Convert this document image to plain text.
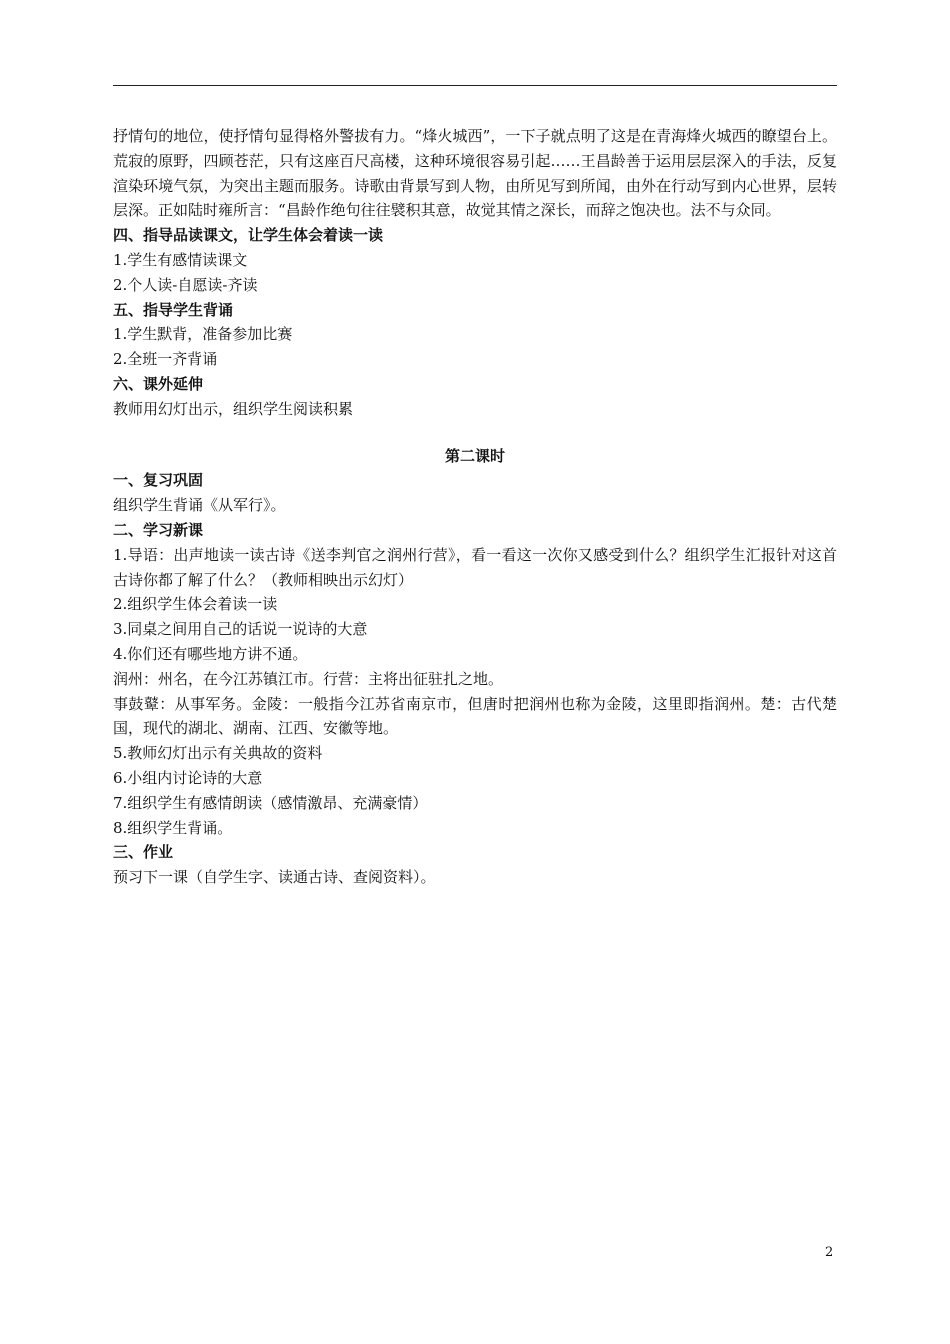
抒情句的地位，使抒情句显得格外警拔有力。“烽火城西”，一下子就点明了这是在青海烽火城西的瞭望台上。荒寂的原野，四顾苍茫，只有这座百尺高楼，这种环境很容易引起……王昌龄善于运用层层深入的手法，反复渲染环境气氛，为突出主题而服务。诗歌由背景写到人物，由所见写到所闻，由外在行动写到内心世界，层转层深。正如陆时雍所言：“昌龄作绝句往往襞积其意，故觉其情之深长，而辞之饱决也。法不与众同。

四、指导品读课文，让学生体会着读一读

1.学生有感情读课文

2.个人读-自愿读-齐读

五、指导学生背诵

1.学生默背，准备参加比赛

2.全班一齐背诵

六、课外延伸

教师用幻灯出示，组织学生阅读积累

第二课时

一、复习巩固

组织学生背诵《从军行》。

二、学习新课

1.导语：出声地读一读古诗《送李判官之润州行营》，看一看这一次你又感受到什么？组织学生汇报针对这首古诗你都了解了什么？（教师相映出示幻灯）

2.组织学生体会着读一读

3.同桌之间用自己的话说一说诗的大意

4.你们还有哪些地方讲不通。

润州：州名，在今江苏镇江市。行营：主将出征驻扎之地。

事鼓鼙：从事军务。金陵：一般指今江苏省南京市，但唐时把润州也称为金陵，这里即指润州。楚：古代楚国，现代的湖北、湖南、江西、安徽等地。

5.教师幻灯出示有关典故的资料

6.小组内讨论诗的大意

7.组织学生有感情朗读（感情激昂、充满豪情）

8.组织学生背诵。

三、作业

预习下一课（自学生字、读通古诗、查阅资料）。

2
